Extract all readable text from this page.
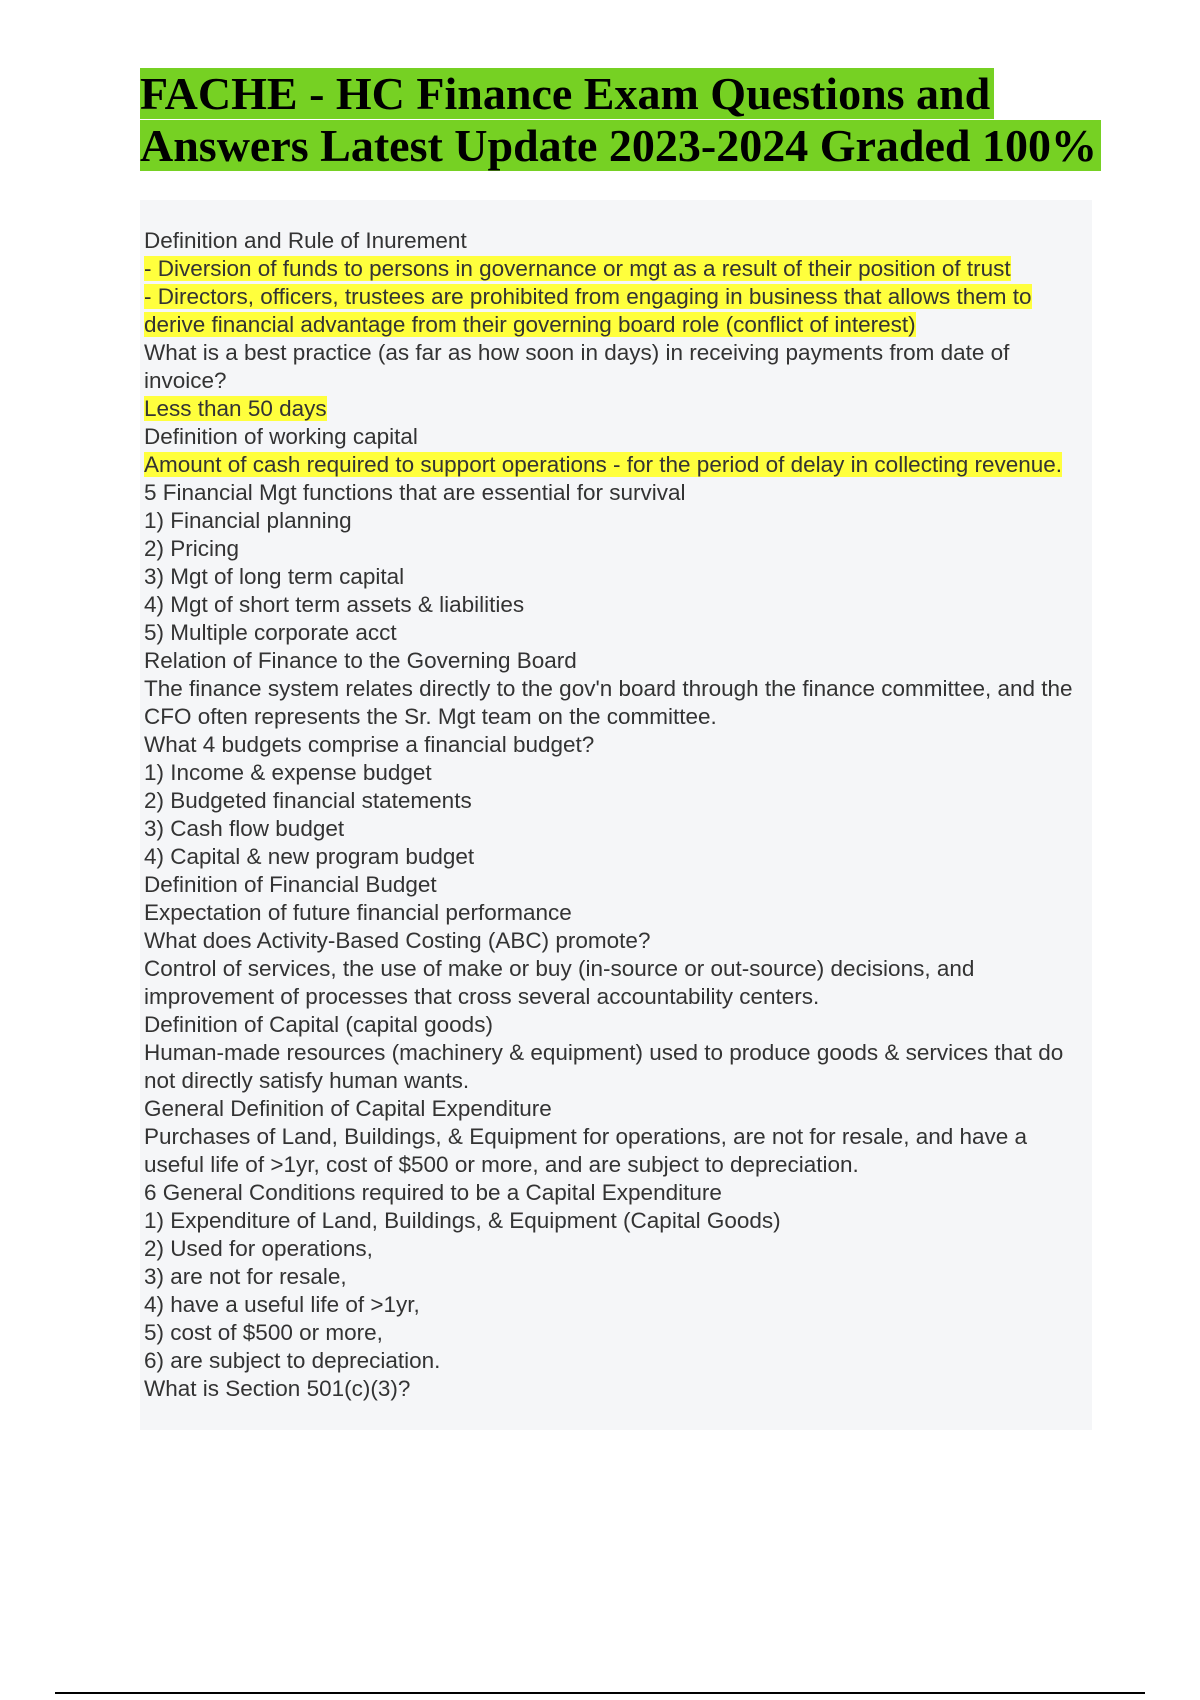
FACHE - HC Finance Exam Questions and Answers Latest Update 2023-2024 Graded 100%

Definition and Rule of Inurement

- Diversion of funds to persons in governance or mgt as a result of their position of trust

- Directors, officers, trustees are prohibited from engaging in business that allows them to derive financial advantage from their governing board role (conflict of interest)

What is a best practice (as far as how soon in days) in receiving payments from date of invoice?

Less than 50 days

Definition of working capital

Amount of cash required to support operations - for the period of delay in collecting revenue.

5 Financial Mgt functions that are essential for survival

1) Financial planning

2) Pricing

3) Mgt of long term capital

4) Mgt of short term assets & liabilities

5) Multiple corporate acct

Relation of Finance to the Governing Board

The finance system relates directly to the gov'n board through the finance committee, and the CFO often represents the Sr. Mgt team on the committee.

What 4 budgets comprise a financial budget?

1) Income & expense budget

2) Budgeted financial statements

3) Cash flow budget

4) Capital & new program budget

Definition of Financial Budget

Expectation of future financial performance

What does Activity-Based Costing (ABC) promote?

Control of services, the use of make or buy (in-source or out-source) decisions, and improvement of processes that cross several accountability centers.

Definition of Capital (capital goods)

Human-made resources (machinery & equipment) used to produce goods & services that do not directly satisfy human wants.

General Definition of Capital Expenditure

Purchases of Land, Buildings, & Equipment for operations, are not for resale, and have a useful life of >1yr, cost of $500 or more, and are subject to depreciation.

6 General Conditions required to be a Capital Expenditure

1) Expenditure of Land, Buildings, & Equipment (Capital Goods)

2) Used for operations,

3) are not for resale,

4) have a useful life of >1yr,

5) cost of $500 or more,

6) are subject to depreciation.

What is Section 501(c)(3)?
